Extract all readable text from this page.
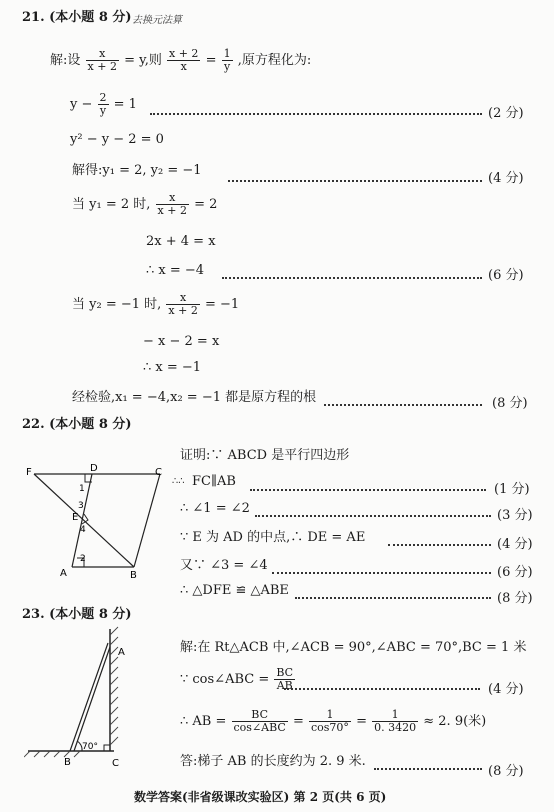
21. (本小题 8 分) 去换元法算
解:设 $\frac{x}{x + 2} = y$,则 $\frac{x + 2}{x} = \frac{1}{y}$ ,原方程化为:
$y - \frac{2}{y} = 1$
(2 分)
y² − y − 2 = 0
解得:y₁ = 2, y₂ = −1
(4 分)
当 y₁ = 2 时, $\frac{x}{x + 2} = 2$
2x + 4 = x
∴ x = −4	(6 分)
当 y₂ = −1 时, $\frac{x}{x + 2} = -1$
− x − 2 = x
∴ x = −1
经检验,x₁ = −4,x₂ = −1 都是原方程的根	(8 分)
22. (本小题 8 分)
F	D	C
A	B
E
1
2
3
4
证明:∵ ABCD 是平行四边形
∴∴ FC∥AB
(1 分)
∴ ∠1 = ∠2	(3 分)
∵ E 为 AD 的中点,∴ DE = AE	(4 分)
又∵ ∠3 = ∠4	(6 分)
∴ △DFE ≌ △ABE
(8 分)
23. (本小题 8 分)
A
B	C
70°
解:在 Rt△ACB 中,∠ACB = 90°,∠ABC = 70°,BC = 1 米
∵ cos∠ABC = $\frac{BC}{AB}$	(4 分)
∴ AB = $\frac{BC}{\text{cos∠ABC}} = \frac{1}{\cos 70^\circ} = \frac{1}{0. 3420} \approx 2$. 9(米)
答:梯子 AB 的长度约为 2. 9 米.
(8 分)
数学答案(非省级课改实验区) 第 2 页(共 6 页)
